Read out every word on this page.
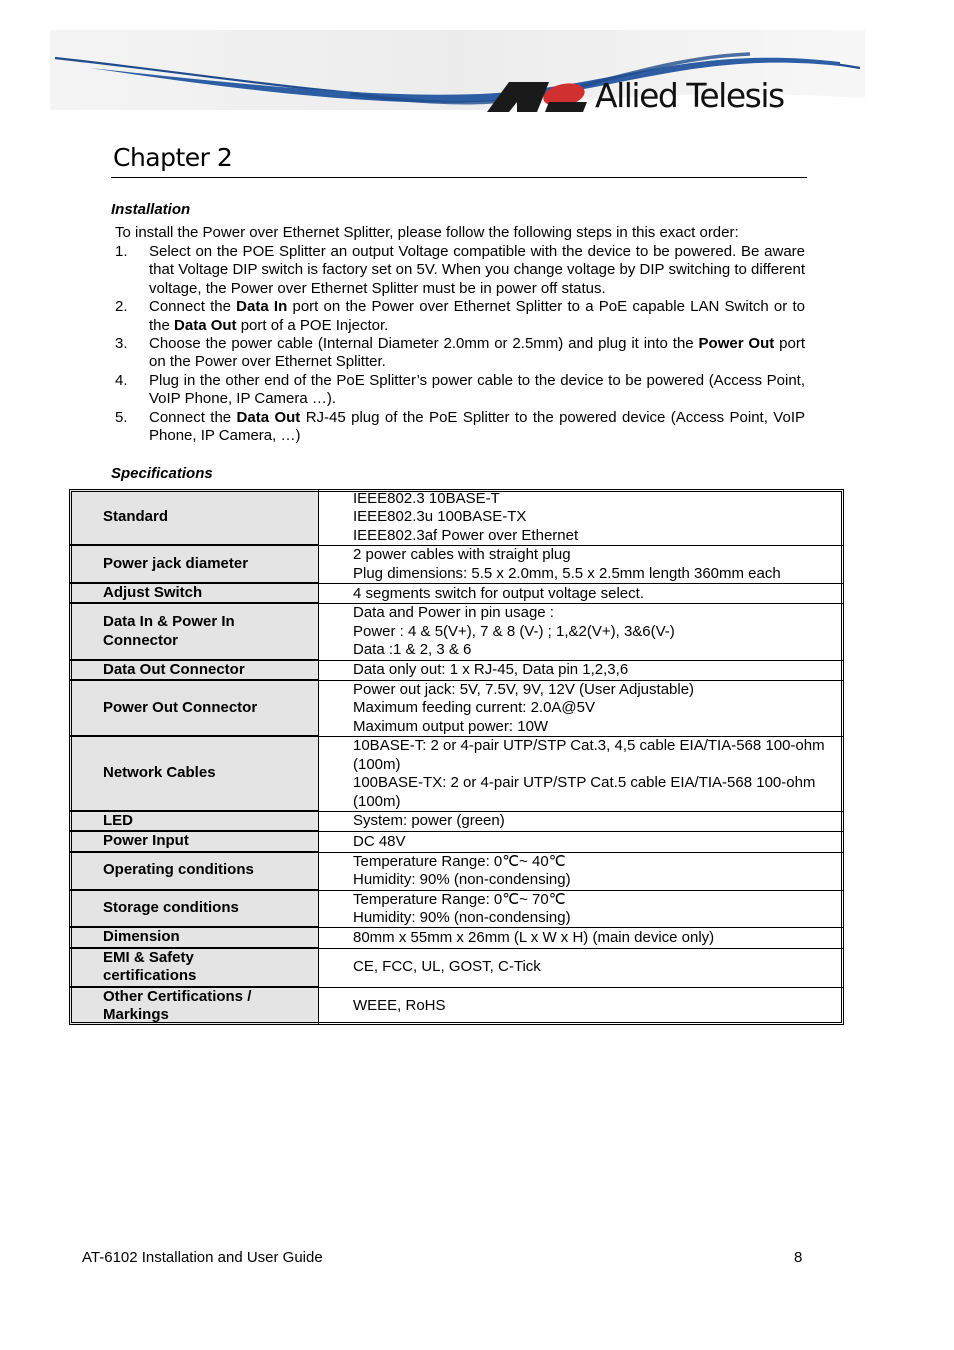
Allied Telesis
Chapter 2
Installation
To install the Power over Ethernet Splitter, please follow the following steps in this exact order:
1.	Select on the POE Splitter an output Voltage compatible with the device to be powered. Be aware that Voltage DIP switch is factory set on 5V. When you change voltage by DIP switching to different voltage, the Power over Ethernet Splitter must be in power off status.
2.	Connect the Data In port on the Power over Ethernet Splitter to a PoE capable LAN Switch or to the Data Out port of a POE Injector.
3.	Choose the power cable (Internal Diameter 2.0mm or 2.5mm) and plug it into the Power Out port on the Power over Ethernet Splitter.
4.	Plug in the other end of the PoE Splitter’s power cable to the device to be powered (Access Point, VoIP Phone, IP Camera …).
5.	Connect the Data Out RJ-45 plug of the PoE Splitter to the powered device (Access Point, VoIP Phone, IP Camera, …)
Specifications
Standard	IEEE802.3 10BASE-T
IEEE802.3u 100BASE-TX
IEEE802.3af Power over Ethernet
Power jack diameter	2 power cables with straight plug
Plug dimensions: 5.5 x 2.0mm, 5.5 x 2.5mm length 360mm each
Adjust Switch	4 segments switch for output voltage select.
Data In & Power In
Connector	Data and Power in pin usage :
Power : 4 & 5(V+), 7 & 8 (V-) ; 1,&2(V+), 3&6(V-)
Data :1 & 2, 3 & 6
Data Out Connector	Data only out: 1 x RJ-45, Data pin 1,2,3,6
Power Out Connector	Power out jack: 5V, 7.5V, 9V, 12V (User Adjustable)
Maximum feeding current: 2.0A@5V
Maximum output power: 10W
Network Cables	10BASE-T: 2 or 4-pair UTP/STP Cat.3, 4,5 cable EIA/TIA-568 100-ohm
(100m)
100BASE-TX: 2 or 4-pair UTP/STP Cat.5 cable EIA/TIA-568 100-ohm
(100m)
LED	System: power (green)
Power Input	DC 48V
Operating conditions	Temperature Range: 0℃~ 40℃
Humidity: 90% (non-condensing)
Storage conditions	Temperature Range: 0℃~ 70℃
Humidity: 90% (non-condensing)
Dimension	80mm x 55mm x 26mm (L x W x H) (main device only)
EMI & Safety
certifications	CE, FCC, UL, GOST, C-Tick
Other Certifications /
Markings	WEEE, RoHS
AT-6102 Installation and User Guide	8
